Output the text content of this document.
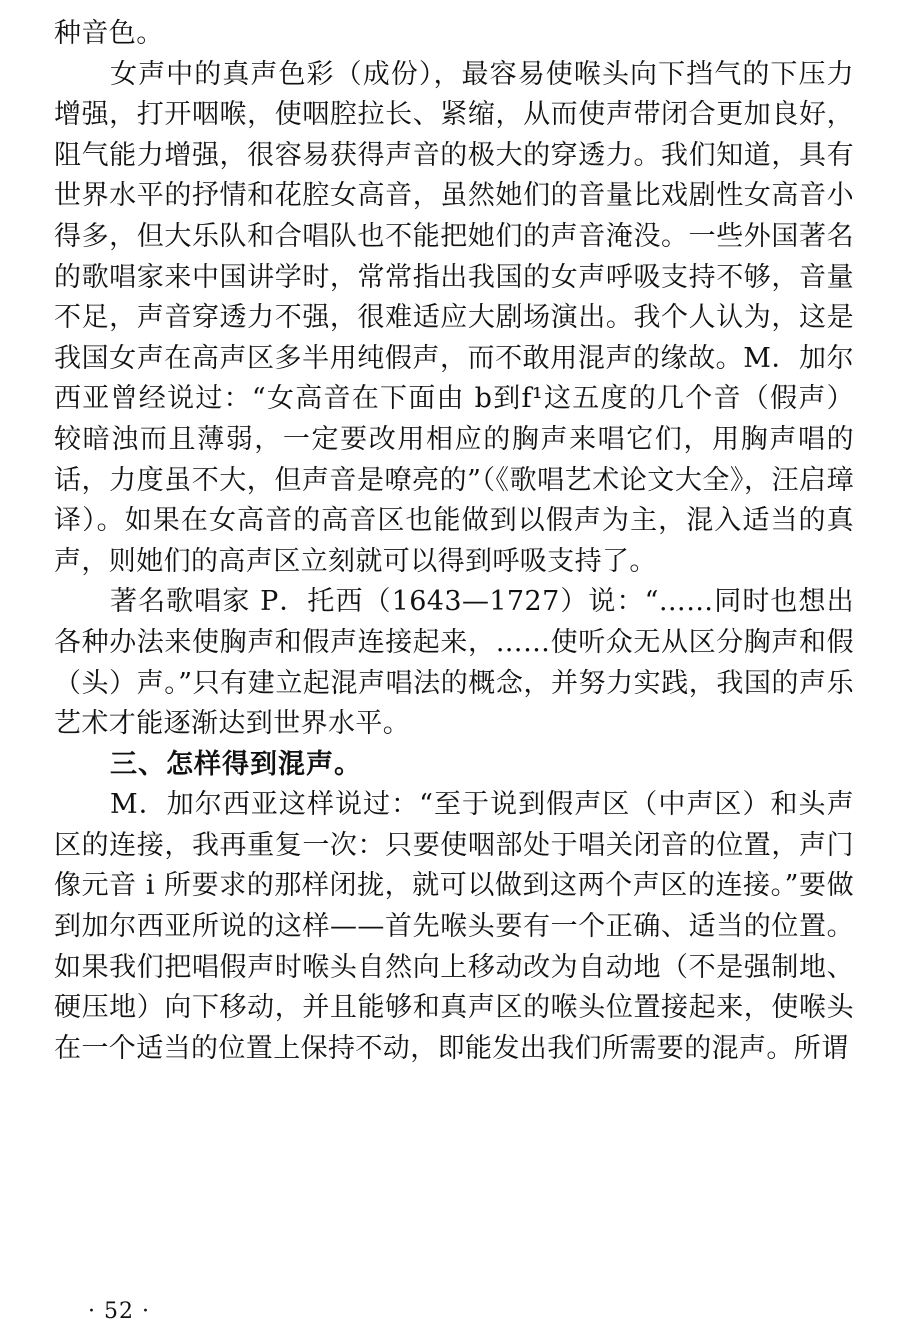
种音色。

女声中的真声色彩（成份），最容易使喉头向下挡气的下压力增强，打开咽喉，使咽腔拉长、紧缩，从而使声带闭合更加良好，阻气能力增强，很容易获得声音的极大的穿透力。我们知道，具有世界水平的抒情和花腔女高音，虽然她们的音量比戏剧性女高音小得多，但大乐队和合唱队也不能把她们的声音淹没。一些外国著名的歌唱家来中国讲学时，常常指出我国的女声呼吸支持不够，音量不足，声音穿透力不强，很难适应大剧场演出。我个人认为，这是我国女声在高声区多半用纯假声，而不敢用混声的缘故。M．加尔西亚曾经说过：“女高音在下面由 b到f¹这五度的几个音（假声）较暗浊而且薄弱，一定要改用相应的胸声来唱它们，用胸声唱的话，力度虽不大，但声音是嘹亮的”（《歌唱艺术论文大全》，汪启璋译）。如果在女高音的高音区也能做到以假声为主，混入适当的真声，则她们的高声区立刻就可以得到呼吸支持了。

著名歌唱家 P．托西（1643—1727）说：“……同时也想出各种办法来使胸声和假声连接起来，……使听众无从区分胸声和假（头）声。”只有建立起混声唱法的概念，并努力实践，我国的声乐艺术才能逐渐达到世界水平。

三、怎样得到混声。

M．加尔西亚这样说过：“至于说到假声区（中声区）和头声区的连接，我再重复一次：只要使咽部处于唱关闭音的位置，声门像元音 i 所要求的那样闭拢，就可以做到这两个声区的连接。”要做到加尔西亚所说的这样——首先喉头要有一个正确、适当的位置。如果我们把唱假声时喉头自然向上移动改为自动地（不是强制地、硬压地）向下移动，并且能够和真声区的喉头位置接起来，使喉头在一个适当的位置上保持不动，即能发出我们所需要的混声。所谓

· 52 ·
